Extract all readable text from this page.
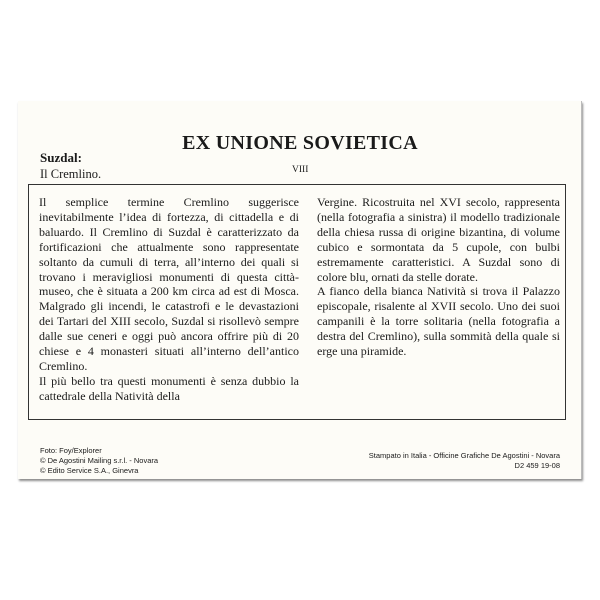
EX UNIONE SOVIETICA
Suzdal:
Il Cremlino.	VIII

Il semplice termine Cremlino suggerisce inevitabilmente l’idea di fortezza, di cittadella e di baluardo. Il Cremlino di Suzdal è caratterizzato da fortificazioni che attualmente sono rappresentate soltanto da cumuli di terra, all’interno dei quali si trovano i meravigliosi monumenti di questa città-museo, che è situata a 200 km circa ad est di Mosca. Malgrado gli incendi, le catastrofi e le devastazioni dei Tartari del XIII secolo, Suzdal si risollevò sempre dalle sue ceneri e oggi può ancora offrire più di 20 chiese e 4 monasteri situati all’interno dell’antico Cremlino.

Il più bello tra questi monumenti è senza dubbio la cattedrale della Natività della

Vergine. Ricostruita nel XVI secolo, rappresenta (nella fotografia a sinistra) il modello tradizionale della chiesa russa di origine bizantina, di volume cubico e sormontata da 5 cupole, con bulbi estremamente caratteristici. A Suzdal sono di colore blu, ornati da stelle dorate.

A fianco della bianca Natività si trova il Palazzo episcopale, risalente al XVII secolo. Uno dei suoi campanili è la torre solitaria (nella fotografia a destra del Cremlino), sulla sommità della quale si erge una piramide.

Foto: Foy/Explorer
© De Agostini Mailing s.r.l. - Novara
© Edito Service S.A., Ginevra
Stampato in Italia - Officine Grafiche De Agostini - Novara
D2 459 19-08
